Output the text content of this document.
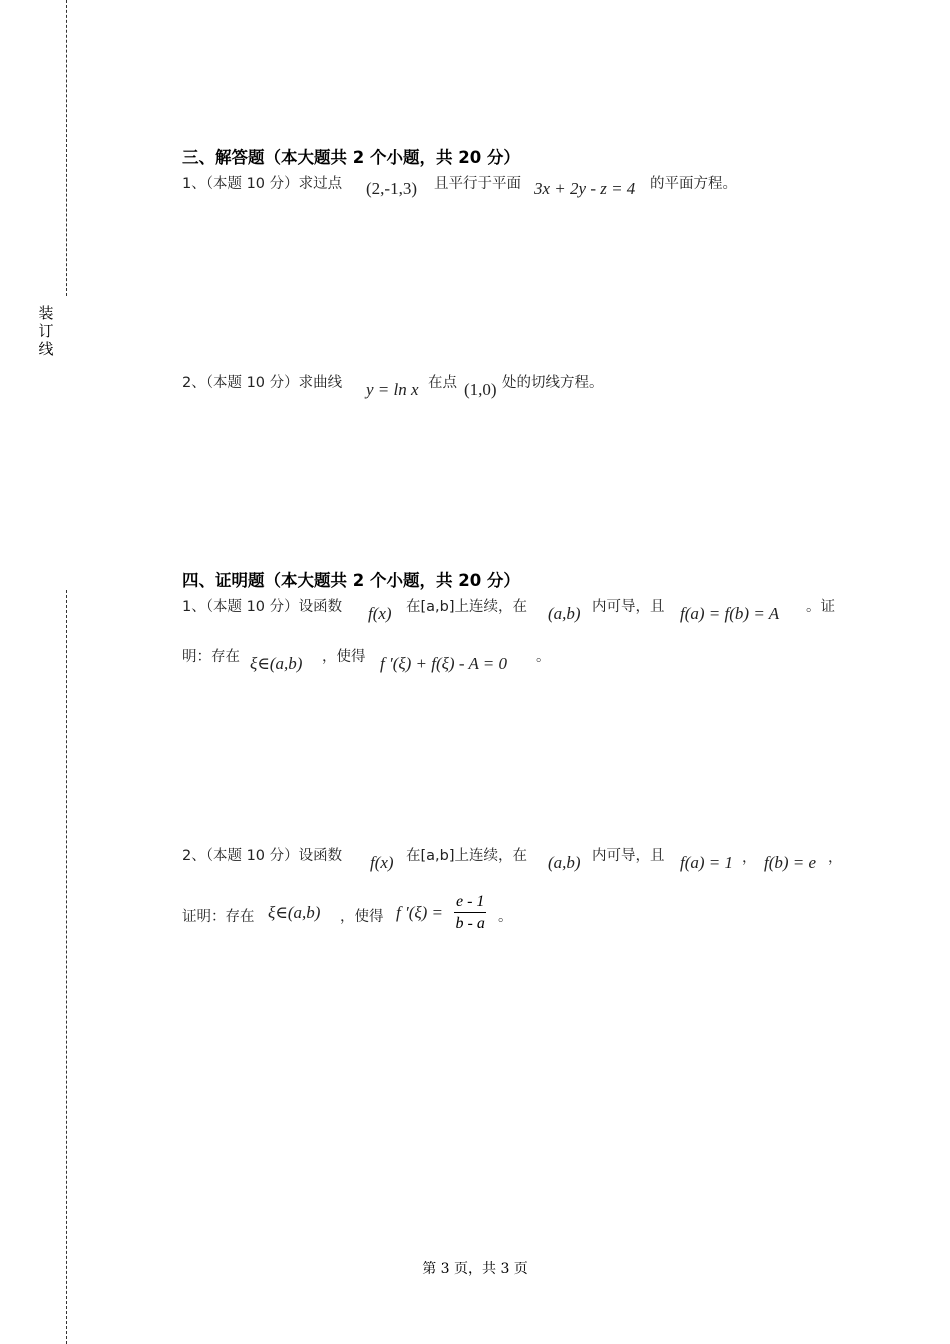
装
订
线
三、解答题（本大题共 2 个小题，共 20 分）
1、（本题 10 分）求过点 (2,-1,3) 且平行于平面 3x + 2y - z = 4 的平面方程。
2、（本题 10 分）求曲线 y = ln x 在点 (1,0) 处的切线方程。
四、证明题（本大题共 2 个小题，共 20 分）
1、（本题 10 分）设函数 f(x) 在[a,b]上连续，在 (a,b) 内可导，且 f(a) = f(b) = A 。证
明：存在 ξ∈(a,b) ，使得 f ′(ξ) + f(ξ) - A = 0 。
2、（本题 10 分）设函数 f(x) 在[a,b]上连续，在 (a,b) 内可导，且 f(a) = 1 ， f(b) = e ，
证明：存在 ξ∈(a,b) ，使得 f $'(\xi) = \frac{e - 1}{b - a}$ 。
第 3 页，共 3 页
